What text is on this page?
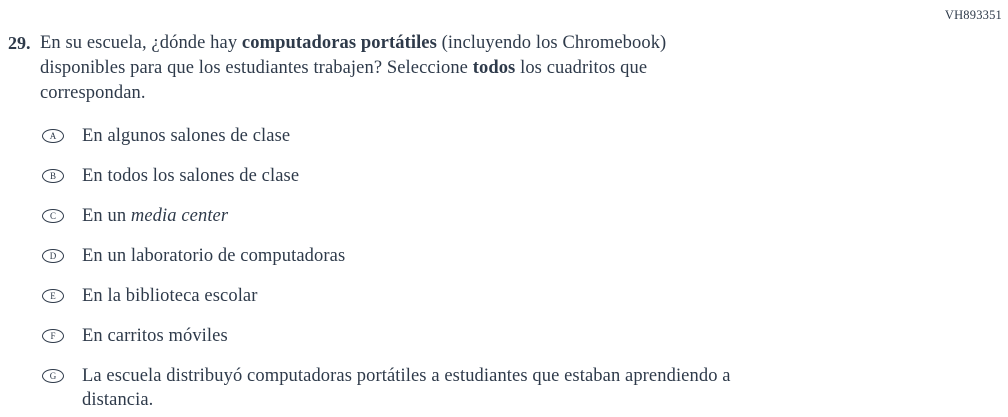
VH893351
29. En su escuela, ¿dónde hay computadoras portátiles (incluyendo los Chromebook)
disponibles para que los estudiantes trabajen? Seleccione todos los cuadritos que
correspondan.
A	En algunos salones de clase
B	En todos los salones de clase
C	En un media center
D	En un laboratorio de computadoras
E	En la biblioteca escolar
F	En carritos móviles
G	La escuela distribuyó computadoras portátiles a estudiantes que estaban aprendiendo a
distancia.
